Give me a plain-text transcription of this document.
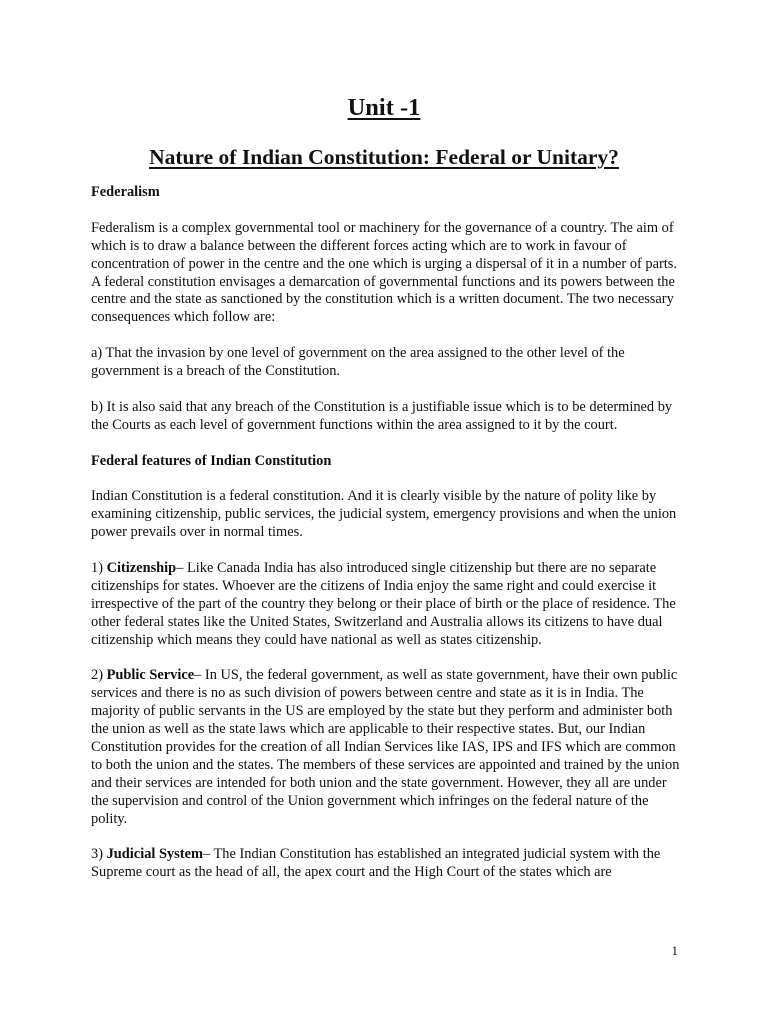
Unit -1
Nature of Indian Constitution: Federal or Unitary?
Federalism

Federalism is a complex governmental tool or machinery for the governance of a country. The aim of which is to draw a balance between the different forces acting which are to work in favour of concentration of power in the centre and the one which is urging a dispersal of it in a number of parts. A federal constitution envisages a demarcation of governmental functions and its powers between the centre and the state as sanctioned by the constitution which is a written document. The two necessary consequences which follow are:

a) That the invasion by one level of government on the area assigned to the other level of the government is a breach of the Constitution.

b) It is also said that any breach of the Constitution is a justifiable issue which is to be determined by the Courts as each level of government functions within the area assigned to it by the court.

Federal features of Indian Constitution

Indian Constitution is a federal constitution. And it is clearly visible by the nature of polity like by examining citizenship, public services, the judicial system, emergency provisions and when the union power prevails over in normal times.

1) Citizenship– Like Canada India has also introduced single citizenship but there are no separate citizenships for states. Whoever are the citizens of India enjoy the same right and could exercise it irrespective of the part of the country they belong or their place of birth or the place of residence. The other federal states like the United States, Switzerland and Australia allows its citizens to have dual citizenship which means they could have national as well as states citizenship.

2) Public Service– In US, the federal government, as well as state government, have their own public services and there is no as such division of powers between centre and state as it is in India. The majority of public servants in the US are employed by the state but they perform and administer both the union as well as the state laws which are applicable to their respective states. But, our Indian Constitution provides for the creation of all Indian Services like IAS, IPS and IFS which are common to both the union and the states. The members of these services are appointed and trained by the union and their services are intended for both union and the state government. However, they all are under the supervision and control of the Union government which infringes on the federal nature of the polity.

3) Judicial System– The Indian Constitution has established an integrated judicial system with the Supreme court as the head of all, the apex court and the High Court of the states which are

1
